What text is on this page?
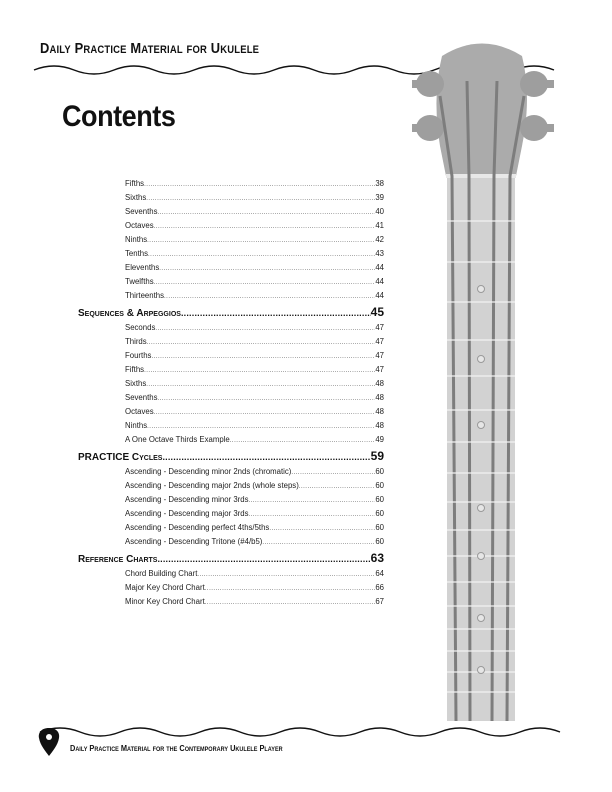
Daily Practice Material for Ukulele
Contents
Fifths .....	38
Sixths .....	39
Sevenths .....	40
Octaves .....	41
Ninths .....	42
Tenths .....	43
Elevenths .....	44
Twelfths .....	44
Thirteenths .....	44
Sequences & Arpeggios .....	45
Seconds .....	47
Thirds .....	47
Fourths .....	47
Fifths .....	47
Sixths .....	48
Sevenths .....	48
Octaves .....	48
Ninths .....	48
A One Octave Thirds Example .....	49
PRACTICE Cycles .....	59
Ascending - Descending minor 2nds (chromatic) .....	60
Ascending - Descending major 2nds (whole steps) .....	60
Ascending - Descending minor 3rds .....	60
Ascending - Descending major 3rds .....	60
Ascending - Descending perfect 4ths/5ths .....	60
Ascending - Descending Tritone (#4/b5) .....	60
Reference Charts .....	63
Chord Building Chart .....	64
Major Key Chord Chart .....	66
Minor Key Chord Chart .....	67
Daily Practice Material for the Contemporary Ukulele Player
